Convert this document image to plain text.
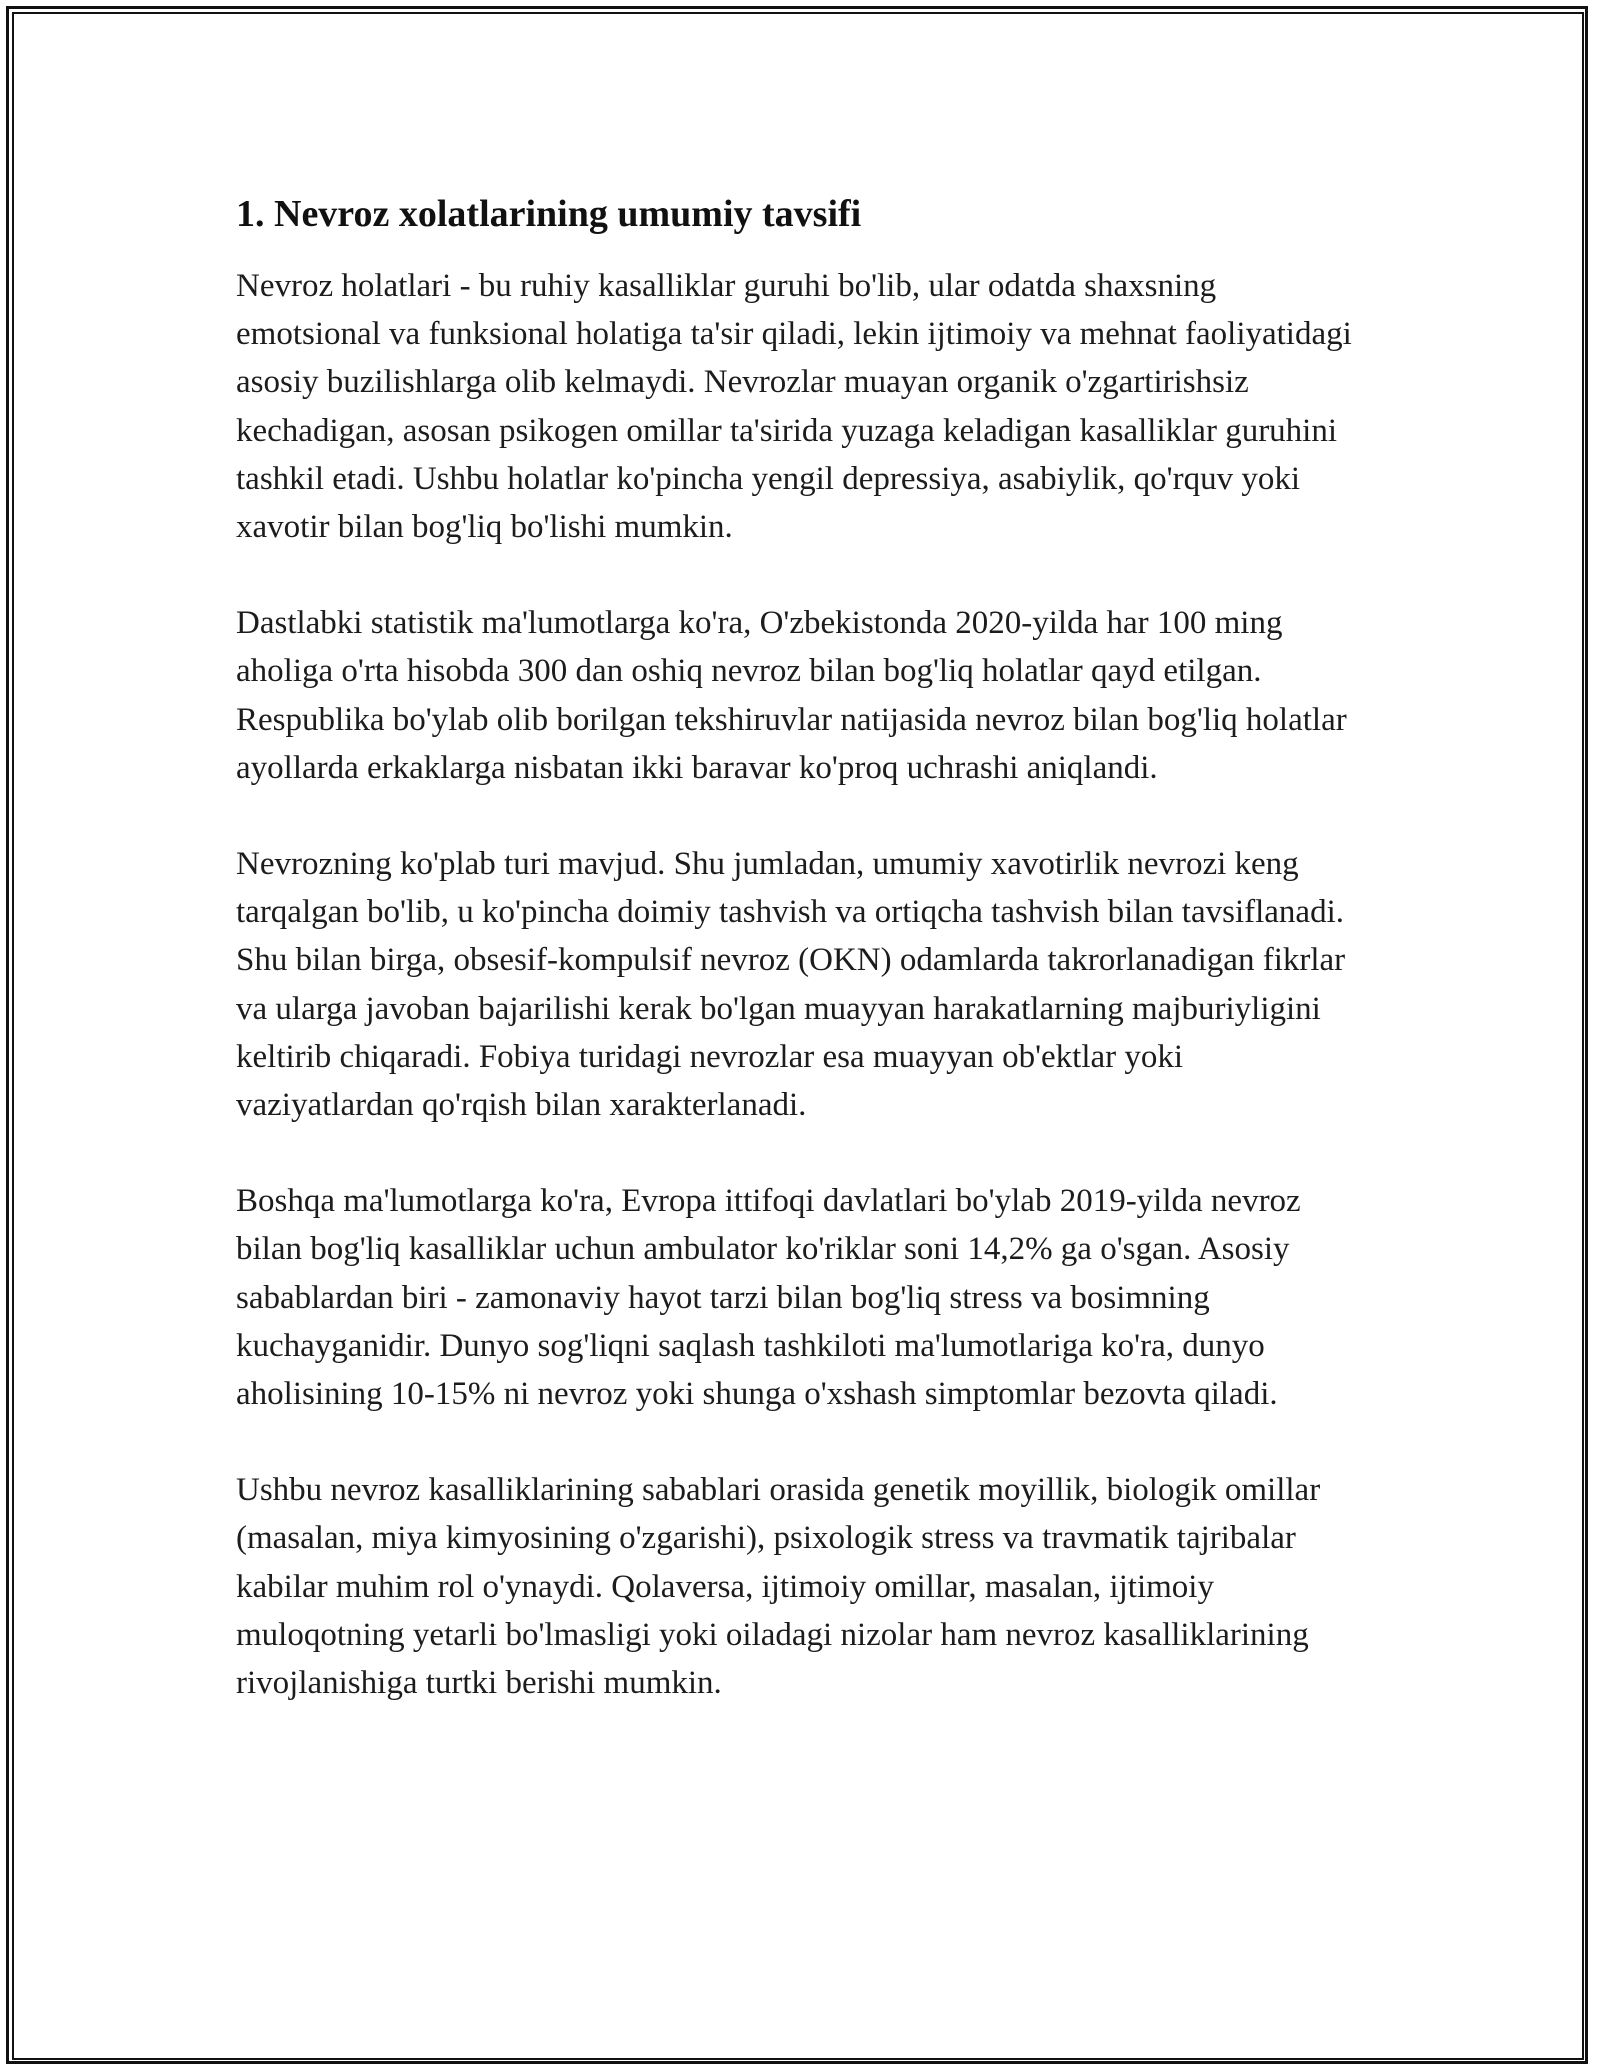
1. Nevroz xolatlarining umumiy tavsifi

Nevroz holatlari - bu ruhiy kasalliklar guruhi bo'lib, ular odatda shaxsning emotsional va funksional holatiga ta'sir qiladi, lekin ijtimoiy va mehnat faoliyatidagi asosiy buzilishlarga olib kelmaydi. Nevrozlar muayan organik o'zgartirishsiz kechadigan, asosan psikogen omillar ta'sirida yuzaga keladigan kasalliklar guruhini tashkil etadi. Ushbu holatlar ko'pincha yengil depressiya, asabiylik, qo'rquv yoki xavotir bilan bog'liq bo'lishi mumkin.

Dastlabki statistik ma'lumotlarga ko'ra, O'zbekistonda 2020-yilda har 100 ming aholiga o'rta hisobda 300 dan oshiq nevroz bilan bog'liq holatlar qayd etilgan. Respublika bo'ylab olib borilgan tekshiruvlar natijasida nevroz bilan bog'liq holatlar ayollarda erkaklarga nisbatan ikki baravar ko'proq uchrashi aniqlandi.

Nevrozning ko'plab turi mavjud. Shu jumladan, umumiy xavotirlik nevrozi keng tarqalgan bo'lib, u ko'pincha doimiy tashvish va ortiqcha tashvish bilan tavsiflanadi. Shu bilan birga, obsesif-kompulsif nevroz (OKN) odamlarda takrorlanadigan fikrlar va ularga javoban bajarilishi kerak bo'lgan muayyan harakatlarning majburiyligini keltirib chiqaradi. Fobiya turidagi nevrozlar esa muayyan ob'ektlar yoki vaziyatlardan qo'rqish bilan xarakterlanadi.

Boshqa ma'lumotlarga ko'ra, Evropa ittifoqi davlatlari bo'ylab 2019-yilda nevroz bilan bog'liq kasalliklar uchun ambulator ko'riklar soni 14,2% ga o'sgan. Asosiy sabablardan biri - zamonaviy hayot tarzi bilan bog'liq stress va bosimning kuchayganidir. Dunyo sog'liqni saqlash tashkiloti ma'lumotlariga ko'ra, dunyo aholisining 10-15% ni nevroz yoki shunga o'xshash simptomlar bezovta qiladi.

Ushbu nevroz kasalliklarining sabablari orasida genetik moyillik, biologik omillar (masalan, miya kimyosining o'zgarishi), psixologik stress va travmatik tajribalar kabilar muhim rol o'ynaydi. Qolaversa, ijtimoiy omillar, masalan, ijtimoiy muloqotning yetarli bo'lmasligi yoki oiladagi nizolar ham nevroz kasalliklarining rivojlanishiga turtki berishi mumkin.
